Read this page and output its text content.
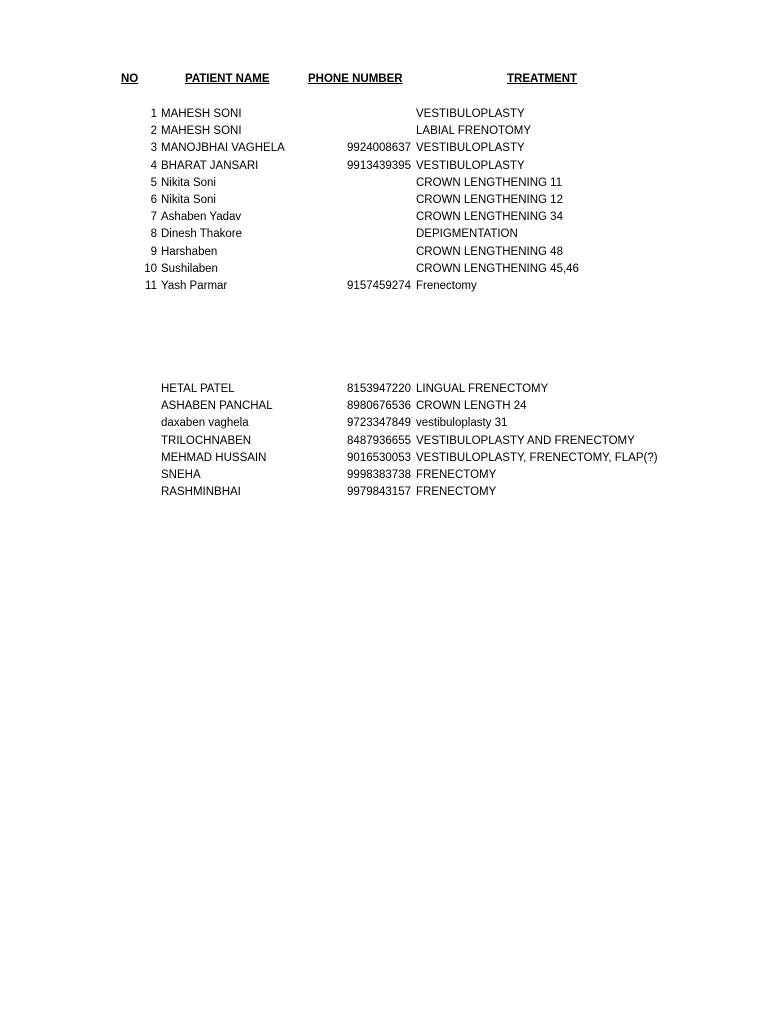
NO	PATIENT NAME	PHONE NUMBER	TREATMENT
1 MAHESH SONI	VESTIBULOPLASTY
2 MAHESH SONI	LABIAL FRENOTOMY
3 MANOJBHAI VAGHELA	9924008637 VESTIBULOPLASTY
4 BHARAT JANSARI	9913439395 VESTIBULOPLASTY
5 Nikita Soni	CROWN LENGTHENING 11
6 Nikita Soni	CROWN LENGTHENING 12
7 Ashaben Yadav	CROWN LENGTHENING 34
8 Dinesh Thakore	DEPIGMENTATION
9 Harshaben	CROWN LENGTHENING 48
10 Sushilaben	CROWN LENGTHENING 45,46
11 Yash Parmar	9157459274 Frenectomy
HETAL PATEL	8153947220 LINGUAL FRENECTOMY
ASHABEN PANCHAL	8980676536 CROWN LENGTH 24
daxaben vaghela	9723347849 vestibuloplasty 31
TRILOCHNABEN	8487936655 VESTIBULOPLASTY AND FRENECTOMY
MEHMAD HUSSAIN	9016530053 VESTIBULOPLASTY, FRENECTOMY, FLAP(?)
SNEHA	9998383738 FRENECTOMY
RASHMINBHAI	9979843157 FRENECTOMY
